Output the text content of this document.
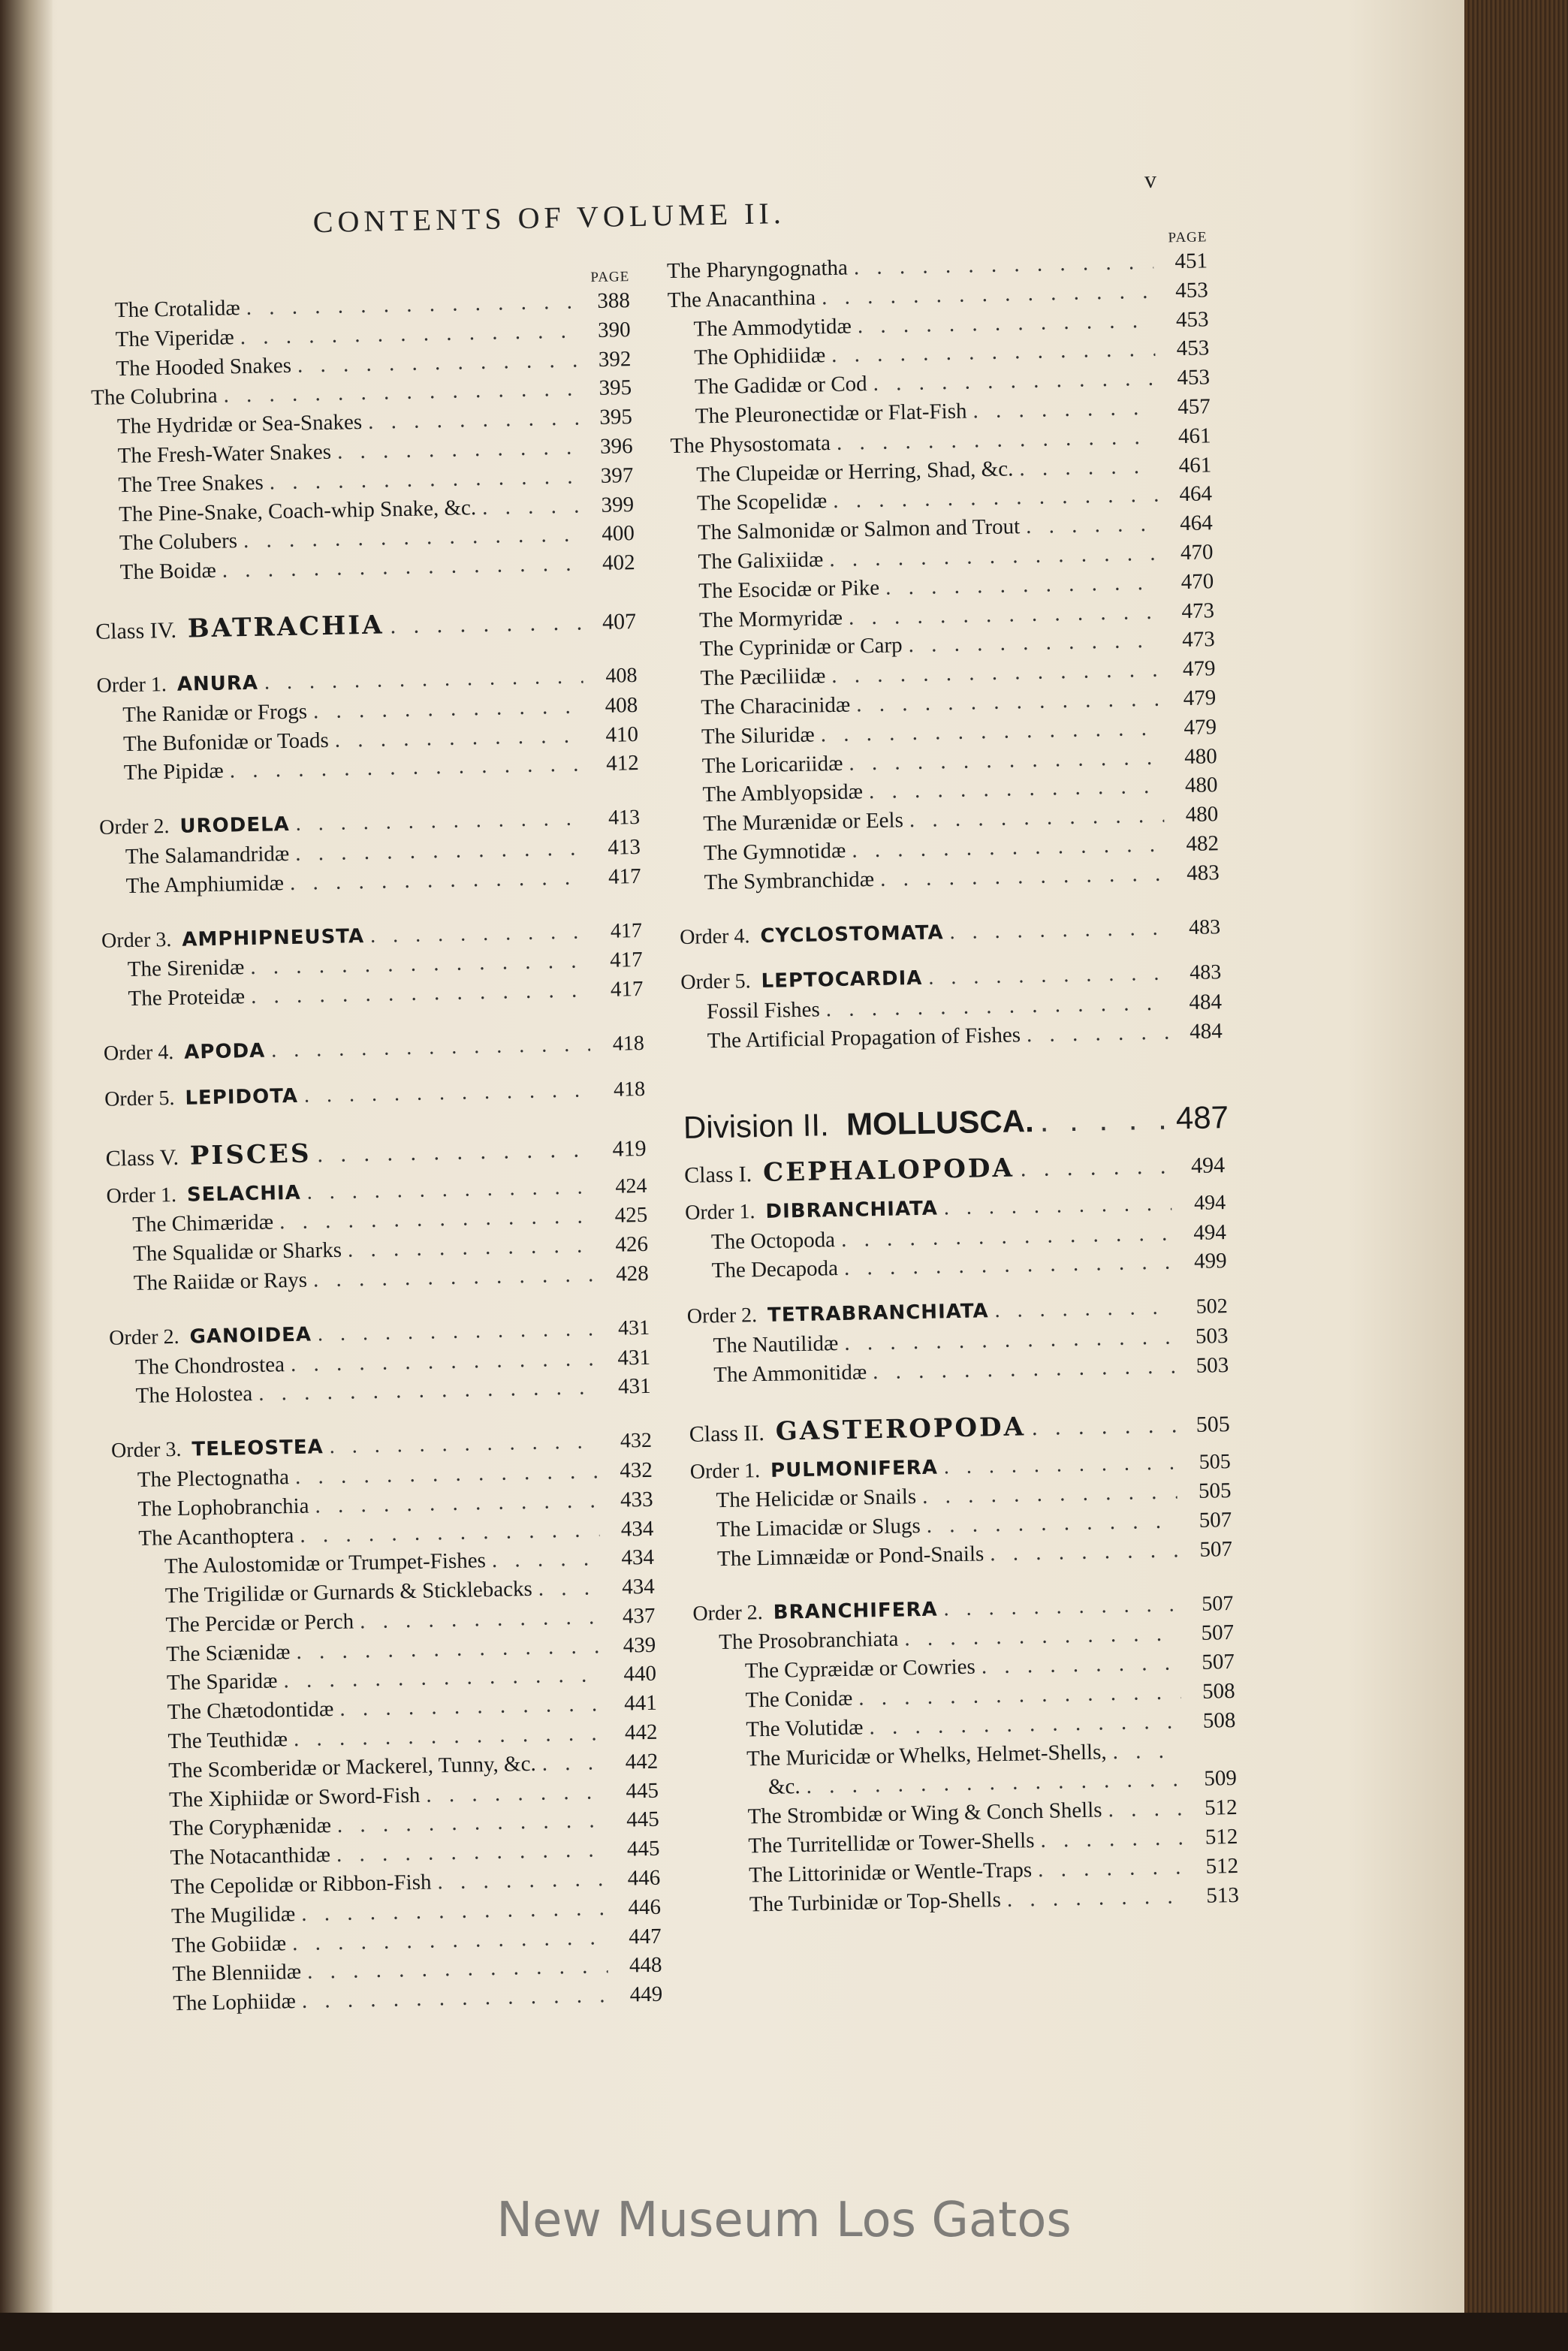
CONTENTS OF VOLUME II.
v
PAGE
The Crotalidæ . . .	388
The Viperidæ . . .	390
The Hooded Snakes . . .	392
The Colubrina . . .	395
The Hydridæ or Sea-Snakes . . .	395
The Fresh-Water Snakes . . .	396
The Tree Snakes . . .	397
The Pine-Snake, Coach-whip Snake, &c. . . .	399
The Colubers . . .	400
The Boidæ . . .	402
Class IV. BATRACHIA . . .	407
Order 1. ANURA . . .	408
The Ranidæ or Frogs . . .	408
The Bufonidæ or Toads . . .	410
The Pipidæ . . .	412
Order 2. URODELA . . .	413
The Salamandridæ . . .	413
The Amphiumidæ . . .	417
Order 3. AMPHIPNEUSTA . . .	417
The Sirenidæ . . .	417
The Proteidæ . . .	417
Order 4. APODA . . .	418
Order 5. LEPIDOTA . . .	418
Class V. PISCES . . .	419
Order 1. SELACHIA . . .	424
The Chimæridæ . . .	425
The Squalidæ or Sharks . . .	426
The Raiidæ or Rays . . .	428
Order 2. GANOIDEA . . .	431
The Chondrostea . . .	431
The Holostea . . .	431
Order 3. TELEOSTEA . . .	432
The Plectognatha . . .	432
The Lophobranchia . . .	433
The Acanthoptera . . .	434
The Aulostomidæ or Trumpet-Fishes . . .	434
The Trigilidæ or Gurnards & Sticklebacks . . .	434
The Percidæ or Perch . . .	437
The Sciænidæ . . .	439
The Sparidæ . . .	440
The Chætodontidæ . . .	441
The Teuthidæ . . .	442
The Scomberidæ or Mackerel, Tunny, &c. . . .	442
The Xiphiidæ or Sword-Fish . . .	445
The Coryphænidæ . . .	445
The Notacanthidæ . . .	445
The Cepolidæ or Ribbon-Fish . . .	446
The Mugilidæ . . .	446
The Gobiidæ . . .	447
The Blenniidæ . . .	448
The Lophiidæ . . .	449
PAGE
The Pharyngognatha . . .	451
The Anacanthina . . .	453
The Ammodytidæ . . .	453
The Ophidiidæ . . .	453
The Gadidæ or Cod . . .	453
The Pleuronectidæ or Flat-Fish . . .	457
The Physostomata . . .	461
The Clupeidæ or Herring, Shad, &c. . . .	461
The Scopelidæ . . .	464
The Salmonidæ or Salmon and Trout . . .	464
The Galixiidæ . . .	470
The Esocidæ or Pike . . .	470
The Mormyridæ . . .	473
The Cyprinidæ or Carp . . .	473
The Pæciliidæ . . .	479
The Characinidæ . . .	479
The Siluridæ . . .	479
The Loricariidæ . . .	480
The Amblyopsidæ . . .	480
The Murænidæ or Eels . . .	480
The Gymnotidæ . . .	482
The Symbranchidæ . . .	483
Order 4. CYCLOSTOMATA . . .	483
Order 5. LEPTOCARDIA . . .	483
Fossil Fishes . . .	484
The Artificial Propagation of Fishes . . .	484
Division II. MOLLUSCA. . . .	487
Class I. CEPHALOPODA . . .	494
Order 1. DIBRANCHIATA . . .	494
The Octopoda . . .	494
The Decapoda . . .	499
Order 2. TETRABRANCHIATA . . .	502
The Nautilidæ . . .	503
The Ammonitidæ . . .	503
Class II. GASTEROPODA . . .	505
Order 1. PULMONIFERA . . .	505
The Helicidæ or Snails . . .	505
The Limacidæ or Slugs . . .	507
The Limnæidæ or Pond-Snails . . .	507
Order 2. BRANCHIFERA . . .	507
The Prosobranchiata . . .	507
The Cypræidæ or Cowries . . .	507
The Conidæ . . .	508
The Volutidæ . . .	508
The Muricidæ or Whelks, Helmet-Shells,
. . .
&c. . . .	509
The Strombidæ or Wing & Conch Shells . . .	512
The Turritellidæ or Tower-Shells . . .	512
The Littorinidæ or Wentle-Traps . . .	512
The Turbinidæ or Top-Shells . . .	513
New Museum Los Gatos
